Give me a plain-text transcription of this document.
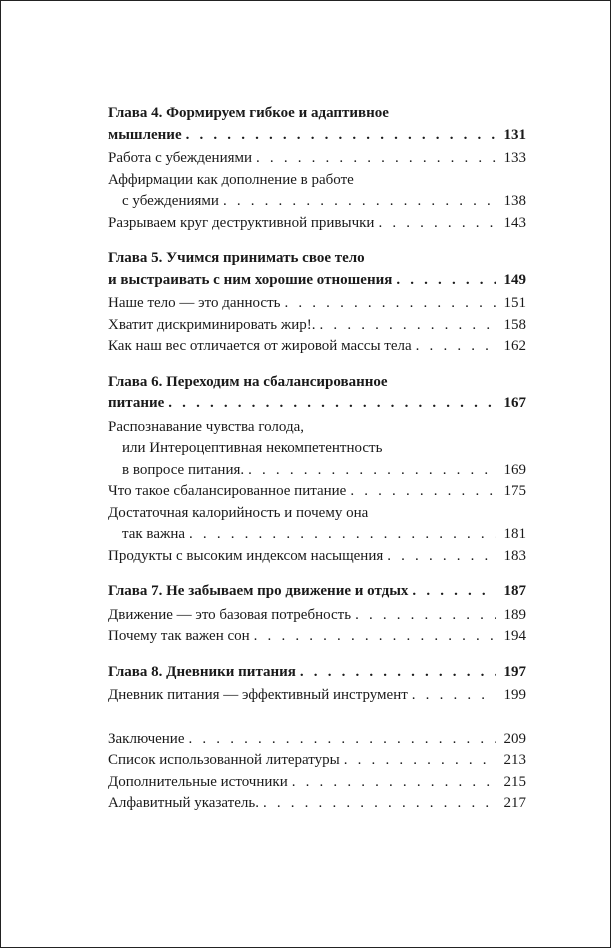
Глава 4. Формируем гибкое и адаптивное
мышление . . .	131
Работа с убеждениями . . .	133
Аффирмации как дополнение в работе
с убеждениями . . .	138
Разрываем круг деструктивной привычки . . .	143
Глава 5. Учимся принимать свое тело
и выстраивать с ним хорошие отношения . . .	149
Наше тело — это данность . . .	151
Хватит дискриминировать жир!. . . .	158
Как наш вес отличается от жировой массы тела . . .	162
Глава 6. Переходим на сбалансированное
питание . . .	167
Распознавание чувства голода,
или Интероцептивная некомпетентность
в вопросе питания. . . .	169
Что такое сбалансированное питание . . .	175
Достаточная калорийность и почему она
так важна . . .	181
Продукты с высоким индексом насыщения . . .	183
Глава 7. Не забываем про движение и отдых . . .	187
Движение — это базовая потребность . . .	189
Почему так важен сон . . .	194
Глава 8. Дневники питания . . .	197
Дневник питания — эффективный инструмент . . .	199
Заключение . . .	209
Список использованной литературы . . .	213
Дополнительные источники . . .	215
Алфавитный указатель. . . .	217
